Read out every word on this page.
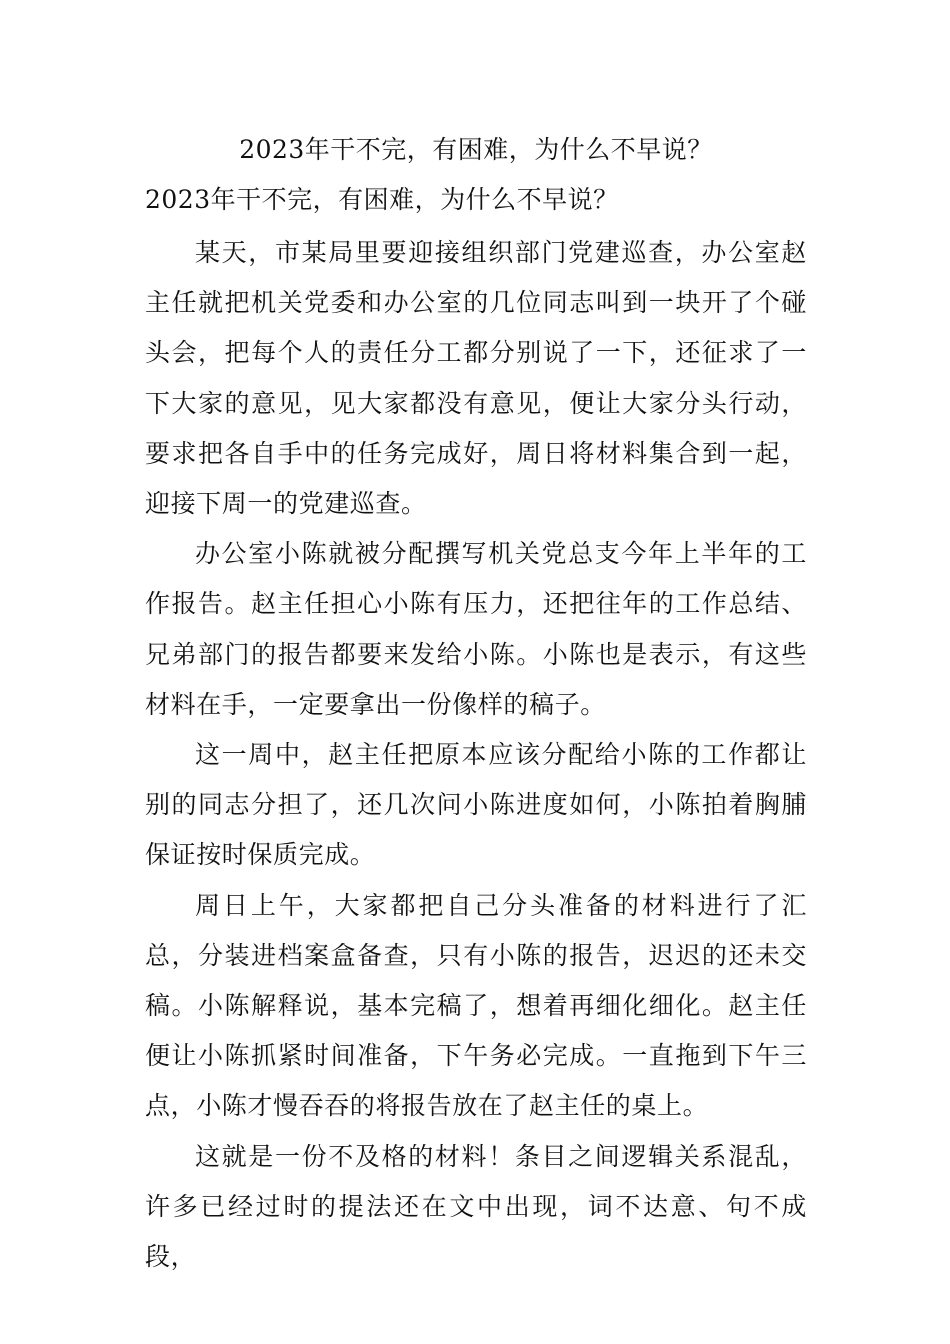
2023年干不完，有困难，为什么不早说？

2023年干不完，有困难，为什么不早说？

某天，市某局里要迎接组织部门党建巡查，办公室赵主任就把机关党委和办公室的几位同志叫到一块开了个碰头会，把每个人的责任分工都分别说了一下，还征求了一下大家的意见，见大家都没有意见，便让大家分头行动，要求把各自手中的任务完成好，周日将材料集合到一起，迎接下周一的党建巡查。

办公室小陈就被分配撰写机关党总支今年上半年的工作报告。赵主任担心小陈有压力，还把往年的工作总结、兄弟部门的报告都要来发给小陈。小陈也是表示，有这些材料在手，一定要拿出一份像样的稿子。

这一周中，赵主任把原本应该分配给小陈的工作都让别的同志分担了，还几次问小陈进度如何，小陈拍着胸脯保证按时保质完成。

周日上午，大家都把自己分头准备的材料进行了汇总，分装进档案盒备查，只有小陈的报告，迟迟的还未交稿。小陈解释说，基本完稿了，想着再细化细化。赵主任便让小陈抓紧时间准备，下午务必完成。一直拖到下午三点，小陈才慢吞吞的将报告放在了赵主任的桌上。

这就是一份不及格的材料！条目之间逻辑关系混乱，许多已经过时的提法还在文中出现，词不达意、句不成段，
